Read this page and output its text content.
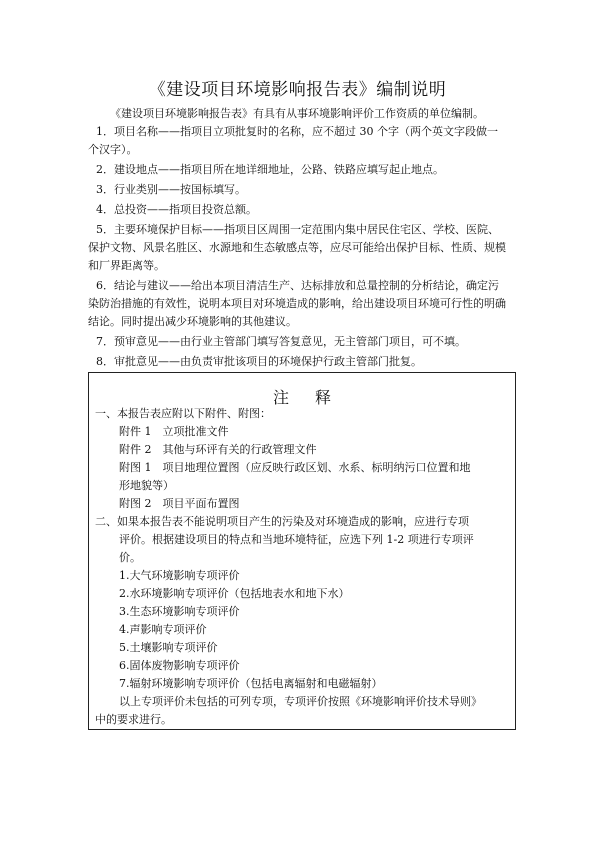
《建设项目环境影响报告表》编制说明
《建设项目环境影响报告表》有具有从事环境影响评价工作资质的单位编制。
1．项目名称——指项目立项批复时的名称，应不超过 30 个字（两个英文字段做一
个汉字）。
2．建设地点——指项目所在地详细地址，公路、铁路应填写起止地点。
3．行业类别——按国标填写。
4．总投资——指项目投资总额。
5．主要环境保护目标——指项目区周围一定范围内集中居民住宅区、学校、医院、
保护文物、风景名胜区、水源地和生态敏感点等，应尽可能给出保护目标、性质、规模
和厂界距离等。
6．结论与建议——给出本项目清洁生产、达标排放和总量控制的分析结论，确定污
染防治措施的有效性，说明本项目对环境造成的影响，给出建设项目环境可行性的明确
结论。同时提出减少环境影响的其他建议。
7．预审意见——由行业主管部门填写答复意见，无主管部门项目，可不填。
8．审批意见——由负责审批该项目的环境保护行政主管部门批复。
注释
一、本报告表应附以下附件、附图：
附件 1　立项批准文件
附件 2　其他与环评有关的行政管理文件
附图 1　项目地理位置图（应反映行政区划、水系、标明纳污口位置和地
形地貌等）
附图 2　项目平面布置图
二、如果本报告表不能说明项目产生的污染及对环境造成的影响，应进行专项
评价。根据建设项目的特点和当地环境特征，应选下列 1-2 项进行专项评
价。
1.大气环境影响专项评价
2.水环境影响专项评价（包括地表水和地下水）
3.生态环境影响专项评价
4.声影响专项评价
5.土壤影响专项评价
6.固体废物影响专项评价
7.辐射环境影响专项评价（包括电离辐射和电磁辐射）
以上专项评价未包括的可列专项，专项评价按照《环境影响评价技术导则》
中的要求进行。
